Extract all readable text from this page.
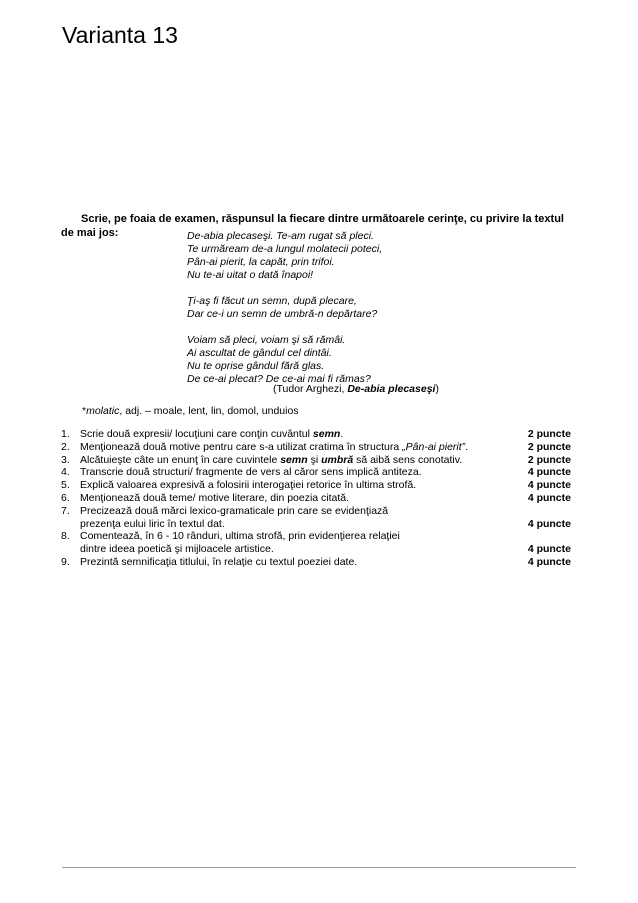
Varianta 13
Scrie, pe foaia de examen, răspunsul la fiecare dintre următoarele cerinţe, cu privire la textul
de mai jos:	De-abia plecaseşi. Te-am rugat să pleci.
Te urmăream de-a lungul molatecii poteci,
Pân-ai pierit, la capăt, prin trifoi.
Nu te-ai uitat o dată înapoi!
Ţi-aş fi făcut un semn, după plecare,
Dar ce-i un semn de umbră-n depărtare?
Voiam să pleci, voiam şi să rămâi.
Ai ascultat de gândul cel dintâi.
Nu te oprise gândul fără glas.
De ce-ai plecat? De ce-ai mai fi rămas?
(Tudor Arghezi, De-abia plecaseşi)
*molatic, adj. – moale, lent, lin, domol, unduios
1. Scrie două expresii/ locuţiuni care conţin cuvântul semn.	2 puncte
2. Menţionează două motive pentru care s-a utilizat cratima în structura „Pân-ai pierit”.	2 puncte
3. Alcătuieşte câte un enunţ în care cuvintele semn şi umbră să aibă sens conotativ.	2 puncte
4. Transcrie două structuri/ fragmente de vers al căror sens implică antiteza.	4 puncte
5. Explică valoarea expresivă a folosirii interogaţiei retorice în ultima strofă.	4 puncte
6. Menţionează două teme/ motive literare, din poezia citată.	4 puncte
7. Precizează două mărci lexico-gramaticale prin care se evidenţiază
prezenţa eului liric în textul dat.	4 puncte
8. Comentează, în 6 - 10 rânduri, ultima strofă, prin evidenţierea relaţiei
dintre ideea poetică şi mijloacele artistice.	4 puncte
9. Prezintă semnificaţia titlului, în relaţie cu textul poeziei date.	4 puncte
